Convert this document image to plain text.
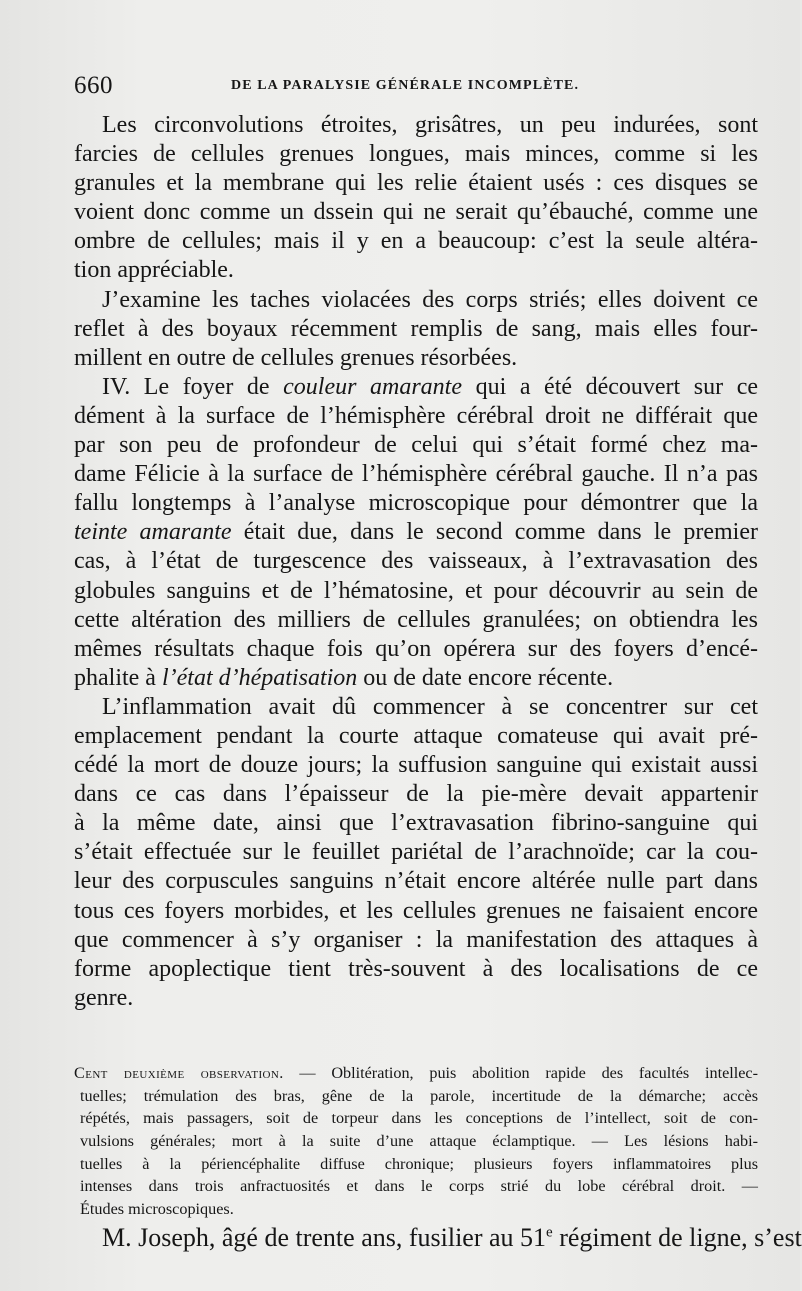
660	DE LA PARALYSIE GÉNÉRALE INCOMPLÈTE.
Les circonvolutions étroites, grisâtres, un peu indurées, sont
farcies de cellules grenues longues, mais minces, comme si les
granules et la membrane qui les relie étaient usés : ces disques se
voient donc comme un dssein qui ne serait qu’ébauché, comme une
ombre de cellules; mais il y en a beaucoup: c’est la seule altéra-
tion appréciable.
J’examine les taches violacées des corps striés; elles doivent ce
reflet à des boyaux récemment remplis de sang, mais elles four-
millent en outre de cellules grenues résorbées.
IV. Le foyer de couleur amarante qui a été découvert sur ce
dément à la surface de l’hémisphère cérébral droit ne différait que
par son peu de profondeur de celui qui s’était formé chez ma-
dame Félicie à la surface de l’hémisphère cérébral gauche. Il n’a pas
fallu longtemps à l’analyse microscopique pour démontrer que la
teinte amarante était due, dans le second comme dans le premier
cas, à l’état de turgescence des vaisseaux, à l’extravasation des
globules sanguins et de l’hématosine, et pour découvrir au sein de
cette altération des milliers de cellules granulées; on obtiendra les
mêmes résultats chaque fois qu’on opérera sur des foyers d’encé-
phalite à l’état d’hépatisation ou de date encore récente.
L’inflammation avait dû commencer à se concentrer sur cet
emplacement pendant la courte attaque comateuse qui avait pré-
cédé la mort de douze jours; la suffusion sanguine qui existait aussi
dans ce cas dans l’épaisseur de la pie-mère devait appartenir
à la même date, ainsi que l’extravasation fibrino-sanguine qui
s’était effectuée sur le feuillet pariétal de l’arachnoïde; car la cou-
leur des corpuscules sanguins n’était encore altérée nulle part dans
tous ces foyers morbides, et les cellules grenues ne faisaient encore
que commencer à s’y organiser : la manifestation des attaques à
forme apoplectique tient très-souvent à des localisations de ce
genre.
Cent deuxième observation. — Oblitération, puis abolition rapide des facultés intellec-
tuelles; trémulation des bras, gêne de la parole, incertitude de la démarche; accès
répétés, mais passagers, soit de torpeur dans les conceptions de l’intellect, soit de con-
vulsions générales; mort à la suite d’une attaque éclamptique. — Les lésions habi-
tuelles à la périencéphalite diffuse chronique; plusieurs foyers inflammatoires plus
intenses dans trois anfractuosités et dans le corps strié du lobe cérébral droit. —
Études microscopiques.
M. Joseph, âgé de trente ans, fusilier au 51e régiment de ligne, s’est
